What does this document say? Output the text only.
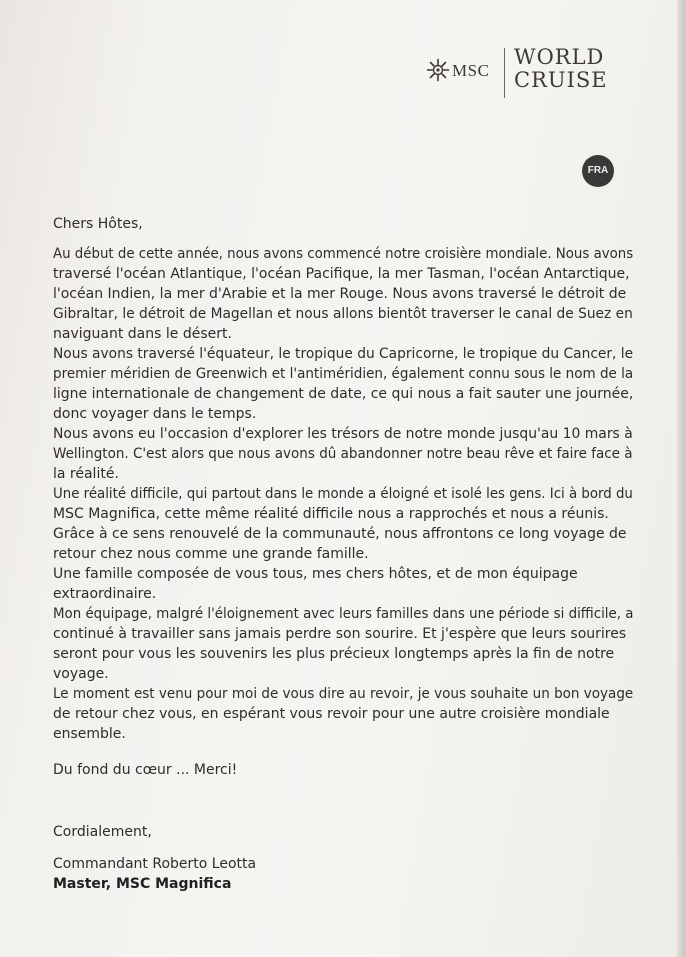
MSC
WORLD
CRUISE
FRA
Chers Hôtes,
Au début de cette année, nous avons commencé notre croisière mondiale. Nous avons
traversé l'océan Atlantique, l'océan Pacifique, la mer Tasman, l'océan Antarctique,
l'océan Indien, la mer d'Arabie et la mer Rouge. Nous avons traversé le détroit de
Gibraltar, le détroit de Magellan et nous allons bientôt traverser le canal de Suez en
naviguant dans le désert.
Nous avons traversé l'équateur, le tropique du Capricorne, le tropique du Cancer, le
premier méridien de Greenwich et l'antiméridien, également connu sous le nom de la
ligne internationale de changement de date, ce qui nous a fait sauter une journée,
donc voyager dans le temps.
Nous avons eu l'occasion d'explorer les trésors de notre monde jusqu'au 10 mars à
Wellington. C'est alors que nous avons dû abandonner notre beau rêve et faire face à
la réalité.
Une réalité difficile, qui partout dans le monde a éloigné et isolé les gens. Ici à bord du
MSC Magnifica, cette même réalité difficile nous a rapprochés et nous a réunis.
Grâce à ce sens renouvelé de la communauté, nous affrontons ce long voyage de
retour chez nous comme une grande famille.
Une famille composée de vous tous, mes chers hôtes, et de mon équipage
extraordinaire.
Mon équipage, malgré l'éloignement avec leurs familles dans une période si difficile, a
continué à travailler sans jamais perdre son sourire. Et j'espère que leurs sourires
seront pour vous les souvenirs les plus précieux longtemps après la fin de notre
voyage.
Le moment est venu pour moi de vous dire au revoir, je vous souhaite un bon voyage
de retour chez vous, en espérant vous revoir pour une autre croisière mondiale
ensemble.
Du fond du cœur ... Merci!
Cordialement,
Commandant Roberto Leotta
Master, MSC Magnifica
